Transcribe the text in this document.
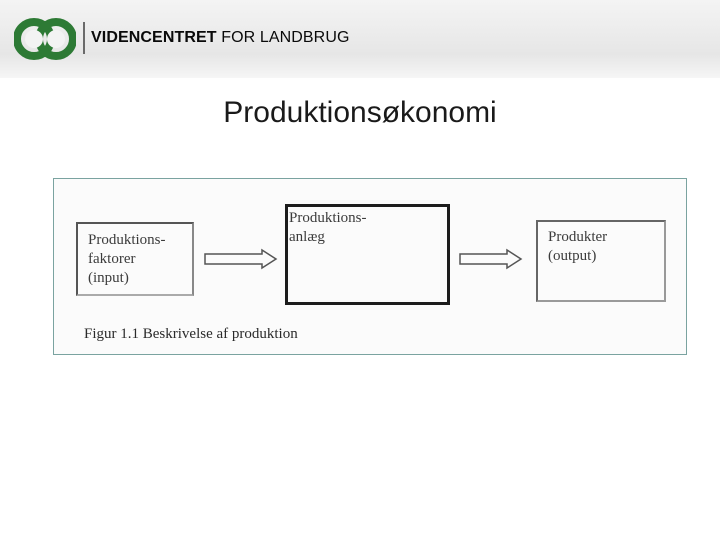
VIDENCENTRET FOR LANDBRUG
Produktionsøkonomi
Produktions-
faktorer
(input)
Produktions-
anlæg	Produkter
(output)
Figur 1.1 Beskrivelse af produktion
